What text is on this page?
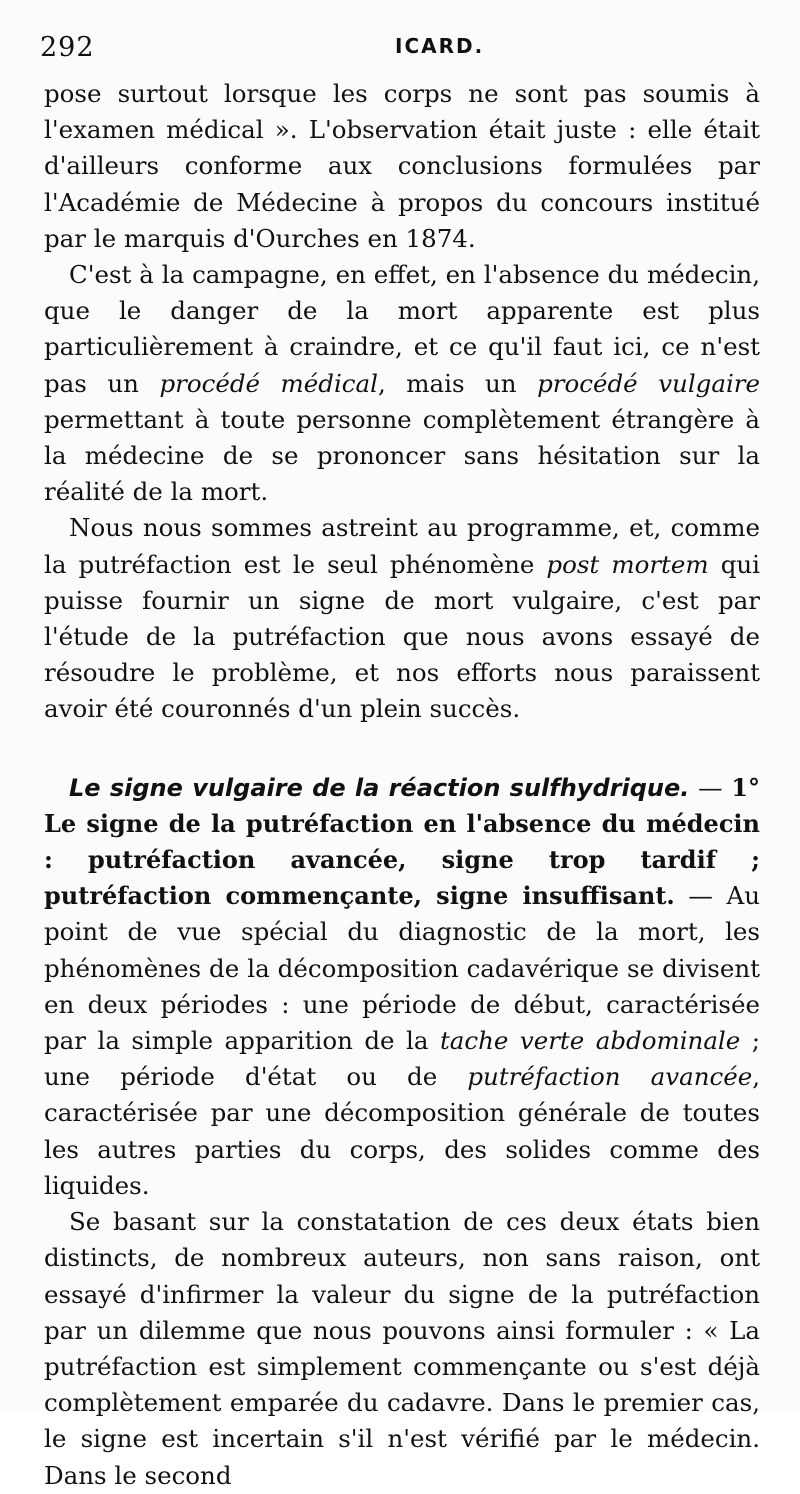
292	ICARD.

pose surtout lorsque les corps ne sont pas soumis à l'examen médical ». L'observation était juste : elle était d'ailleurs conforme aux conclusions formulées par l'Académie de Médecine à propos du concours institué par le marquis d'Ourches en 1874.

C'est à la campagne, en effet, en l'absence du médecin, que le danger de la mort apparente est plus particulièrement à craindre, et ce qu'il faut ici, ce n'est pas un procédé médical, mais un procédé vulgaire permettant à toute personne complètement étrangère à la médecine de se prononcer sans hésitation sur la réalité de la mort.

Nous nous sommes astreint au programme, et, comme la putréfaction est le seul phénomène post mortem qui puisse fournir un signe de mort vulgaire, c'est par l'étude de la putréfaction que nous avons essayé de résoudre le problème, et nos efforts nous paraissent avoir été couronnés d'un plein succès.

Le signe vulgaire de la réaction sulfhydrique. — 1° Le signe de la putréfaction en l'absence du médecin : putréfaction avancée, signe trop tardif ; putréfaction commençante, signe insuffisant. — Au point de vue spécial du diagnostic de la mort, les phénomènes de la décomposition cadavérique se divisent en deux périodes : une période de début, caractérisée par la simple apparition de la tache verte abdominale ; une période d'état ou de putréfaction avancée, caractérisée par une décomposition générale de toutes les autres parties du corps, des solides comme des liquides.

Se basant sur la constatation de ces deux états bien distincts, de nombreux auteurs, non sans raison, ont essayé d'infirmer la valeur du signe de la putréfaction par un dilemme que nous pouvons ainsi formuler : « La putréfaction est simplement commençante ou s'est déjà complètement emparée du cadavre. Dans le premier cas, le signe est incertain s'il n'est vérifié par le médecin. Dans le second
